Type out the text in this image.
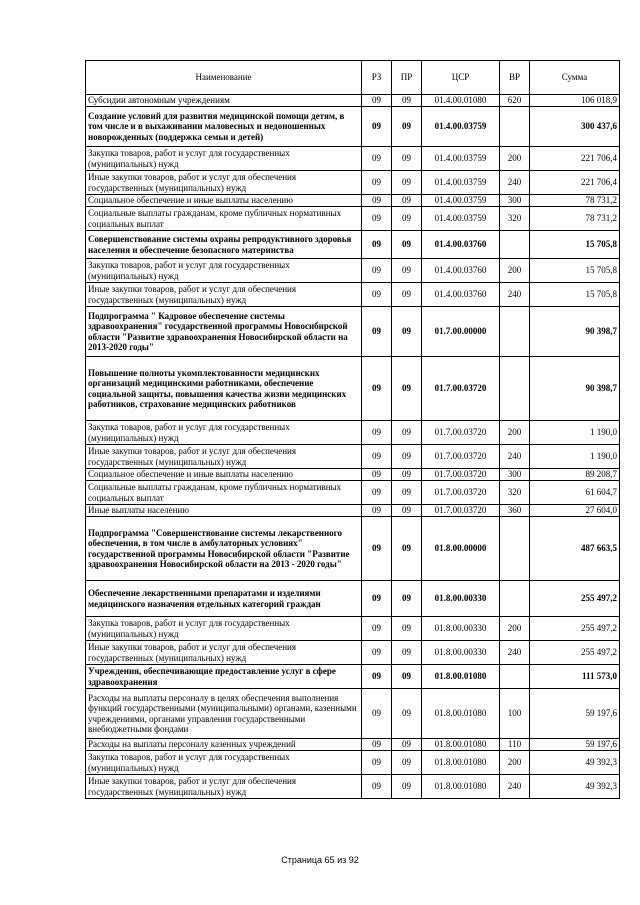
Наименование	РЗ	ПР	ЦСР	ВР	Сумма
Субсидии автономным учреждениям	09	09	01.4.00.01080	620	106 018,9
Создание условий для развития медицинской помощи детям, в том числе и в выхаживании маловесных и недоношенных новорожденных (поддержка семьи и детей)	09	09	01.4.00.03759		300 437,6
Закупка товаров, работ и услуг для государственных (муниципальных) нужд	09	09	01.4.00.03759	200	221 706,4
Иные закупки товаров, работ и услуг для обеспечения государственных (муниципальных) нужд	09	09	01.4.00.03759	240	221 706,4
Социальное обеспечение и иные выплаты населению	09	09	01.4.00.03759	300	78 731,2
Социальные выплаты гражданам, кроме публичных нормативных социальных выплат	09	09	01.4.00.03759	320	78 731,2
Совершенствование системы охраны репродуктивного здоровья населения и обеспечение безопасного материнства	09	09	01.4.00.03760		15 705,8
Закупка товаров, работ и услуг для государственных (муниципальных) нужд	09	09	01.4.00.03760	200	15 705,8
Иные закупки товаров, работ и услуг для обеспечения государственных (муниципальных) нужд	09	09	01.4.00.03760	240	15 705,8
Подпрограмма " Кадровое обеспечение системы здравоохранения" государственной программы Новосибирской области "Развитие здравоохранения Новосибирской области на 2013-2020 годы"	09	09	01.7.00.00000		90 398,7
Повышение полноты укомплектованности медицинских организаций медицинскими работниками, обеспечение социальной защиты, повышения качества жизни медицинских работников, страхование медицинских работников	09	09	01.7.00.03720		90 398,7
Закупка товаров, работ и услуг для государственных (муниципальных) нужд	09	09	01.7.00.03720	200	1 190,0
Иные закупки товаров, работ и услуг для обеспечения государственных (муниципальных) нужд	09	09	01.7.00.03720	240	1 190,0
Социальное обеспечение и иные выплаты населению	09	09	01.7.00.03720	300	89 208,7
Социальные выплаты гражданам, кроме публичных нормативных социальных выплат	09	09	01.7.00.03720	320	61 604,7
Иные выплаты населению	09	09	01.7.00.03720	360	27 604,0
Подпрограмма "Совершенствование системы лекарственного обеспечения, в том числе в амбулаторных условиях" государственной программы Новосибирской области "Развитие здравоохранения Новосибирской области на 2013 - 2020 годы"	09	09	01.8.00.00000		487 663,5
Обеспечение лекарственными препаратами и изделиями медицинского назначения отдельных категорий граждан	09	09	01.8.00.00330		255 497,2
Закупка товаров, работ и услуг для государственных (муниципальных) нужд	09	09	01.8.00.00330	200	255 497,2
Иные закупки товаров, работ и услуг для обеспечения государственных (муниципальных) нужд	09	09	01.8.00.00330	240	255 497,2
Учреждения, обеспечивающие предоставление услуг в сфере здравоохранения	09	09	01.8.00.01080		111 573,0
Расходы на выплаты персоналу в целях обеспечения выполнения функций государственными (муниципальными) органами, казенными учреждениями, органами управления государственными внебюджетными фондами	09	09	01.8.00.01080	100	59 197,6
Расходы на выплаты персоналу казенных учреждений	09	09	01.8.00.01080	110	59 197,6
Закупка товаров, работ и услуг для государственных (муниципальных) нужд	09	09	01.8.00.01080	200	49 392,3
Иные закупки товаров, работ и услуг для обеспечения государственных (муниципальных) нужд	09	09	01.8.00.01080	240	49 392,3
Страница 65 из 92
